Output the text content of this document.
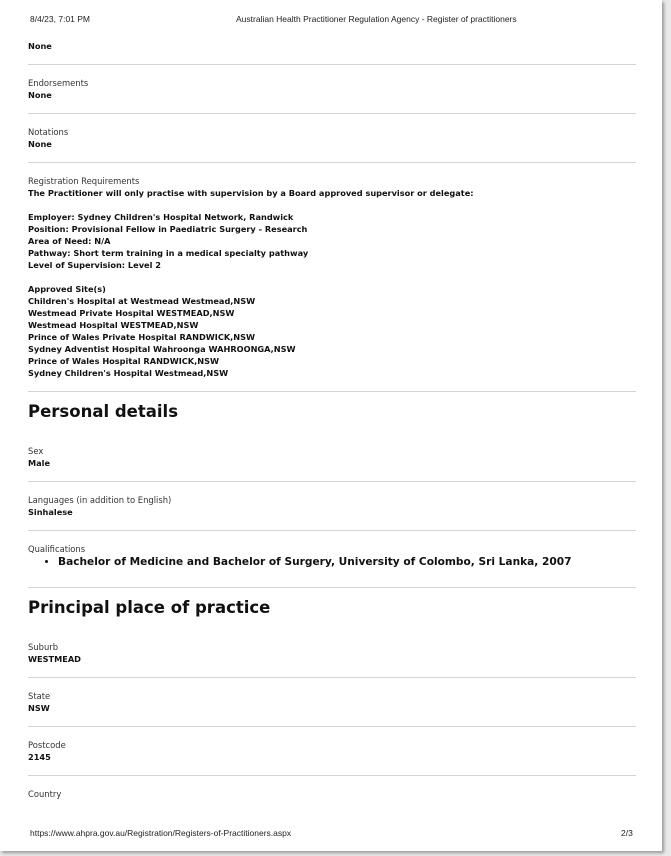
8/4/23, 7:01 PM	Australian Health Practitioner Regulation Agency - Register of practitioners
None
Endorsements
None
Notations
None
Registration Requirements
The Practitioner will only practise with supervision by a Board approved supervisor or delegate:
Employer: Sydney Children's Hospital Network, Randwick
Position: Provisional Fellow in Paediatric Surgery - Research
Area of Need: N/A
Pathway: Short term training in a medical specialty pathway
Level of Supervision: Level 2
Approved Site(s)
Children's Hospital at Westmead Westmead,NSW
Westmead Private Hospital WESTMEAD,NSW
Westmead Hospital WESTMEAD,NSW
Prince of Wales Private Hospital RANDWICK,NSW
Sydney Adventist Hospital Wahroonga WAHROONGA,NSW
Prince of Wales Hospital RANDWICK,NSW
Sydney Children's Hospital Westmead,NSW
Personal details
Sex
Male
Languages (in addition to English)
Sinhalese
Qualifications
• Bachelor of Medicine and Bachelor of Surgery, University of Colombo, Sri Lanka, 2007
Principal place of practice
Suburb
WESTMEAD
State
NSW
Postcode
2145
Country
https://www.ahpra.gov.au/Registration/Registers-of-Practitioners.aspx	2/3
